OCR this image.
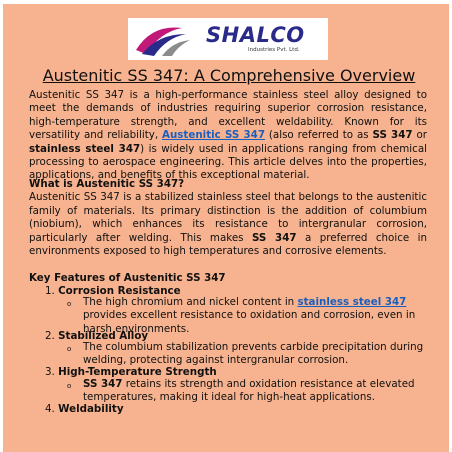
SHALCO
Industries Pvt. Ltd.
Austenitic SS 347: A Comprehensive Overview
Austenitic SS 347 is a high-performance stainless steel alloy designed to meet the demands of industries requiring superior corrosion resistance, high-temperature strength, and excellent weldability. Known for its versatility and reliability, Austenitic SS 347 (also referred to as SS 347 or stainless steel 347) is widely used in applications ranging from chemical processing to aerospace engineering. This article delves into the properties, applications, and benefits of this exceptional material.
What is Austenitic SS 347?
Austenitic SS 347 is a stabilized stainless steel that belongs to the austenitic family of materials. Its primary distinction is the addition of columbium (niobium), which enhances its resistance to intergranular corrosion, particularly after welding. This makes SS 347 a preferred choice in environments exposed to high temperatures and corrosive elements.
Key Features of Austenitic SS 347
1. Corrosion Resistance
o The high chromium and nickel content in stainless steel 347 provides excellent resistance to oxidation and corrosion, even in harsh environments.
2. Stabilized Alloy
o The columbium stabilization prevents carbide precipitation during welding, protecting against intergranular corrosion.
3. High-Temperature Strength
o SS 347 retains its strength and oxidation resistance at elevated temperatures, making it ideal for high-heat applications.
4. Weldability
